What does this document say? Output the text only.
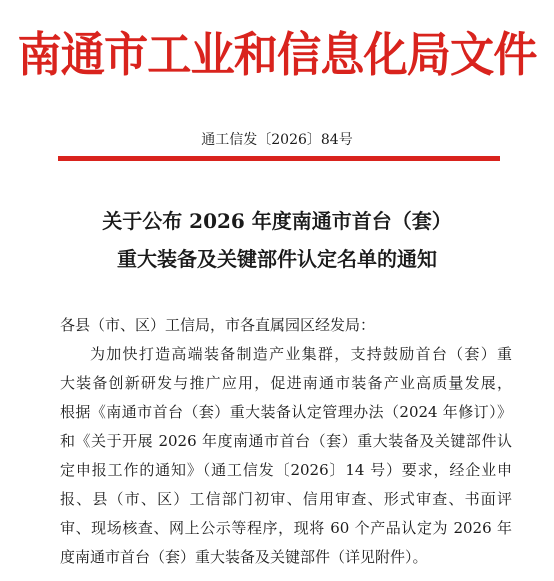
南通市工业和信息化局文件
通工信发〔2026〕84号
关于公布 2026 年度南通市首台（套）
重大装备及关键部件认定名单的通知
各县（市、区）工信局，市各直属园区经发局：
为加快打造高端装备制造产业集群，支持鼓励首台（套）重
大装备创新研发与推广应用，促进南通市装备产业高质量发展，
根据《南通市首台（套）重大装备认定管理办法（2024 年修订）》
和《关于开展 2026 年度南通市首台（套）重大装备及关键部件认
定申报工作的通知》（通工信发〔2026〕14 号）要求，经企业申
报、县（市、区）工信部门初审、信用审查、形式审查、书面评
审、现场核查、网上公示等程序，现将 60 个产品认定为 2026 年
度南通市首台（套）重大装备及关键部件（详见附件）。
